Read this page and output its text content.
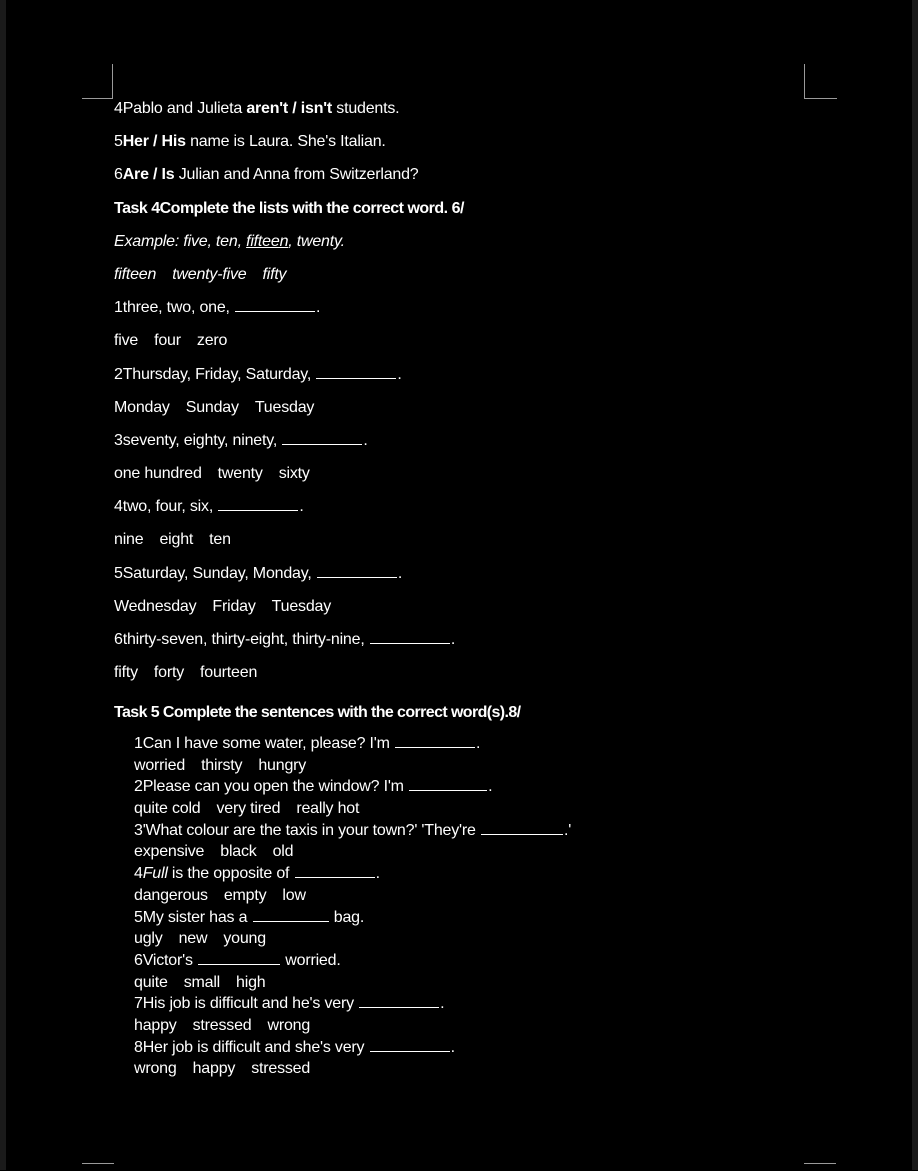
4Pablo and Julieta aren't / isn't students.
5Her / His name is Laura. She's Italian.
6Are / Is Julian and Anna from Switzerland?
Task 4Complete the lists with the correct word. 6/
Example: five, ten, fifteen, twenty.
fifteen twenty-five fifty
1three, two, one,	.
five four zero
2Thursday, Friday, Saturday,	.
Monday Sunday Tuesday
3seventy, eighty, ninety,	.
one hundred twenty sixty
4two, four, six,	.
nine eight ten
5Saturday, Sunday, Monday,	.
Wednesday Friday Tuesday
6thirty-seven, thirty-eight, thirty-nine,	.
fifty forty fourteen
Task 5 Complete the sentences with the correct word(s).8/
1Can I have some water, please? I'm	.
worried thirsty hungry
2Please can you open the window? I'm	.
quite cold very tired really hot
3'What colour are the taxis in your town?' 'They're	.'
expensive black old
4Full is the opposite of	.
dangerous empty low
5My sister has a	bag.
ugly new young
6Victor's	worried.
quite small high
7His job is difficult and he's very	.
happy stressed wrong
8Her job is difficult and she's very	.
wrong happy stressed
